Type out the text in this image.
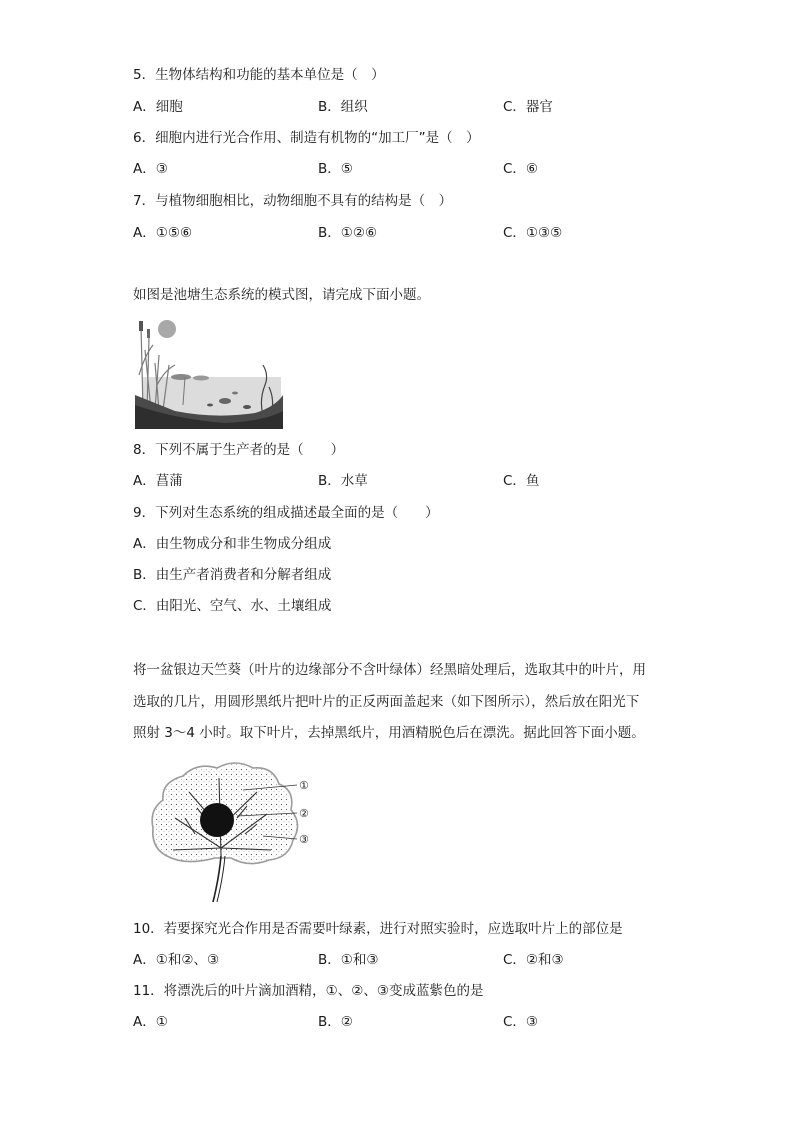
5．生物体结构和功能的基本单位是（　）
A．细胞	B．组织	C．器官
6．细胞内进行光合作用、制造有机物的“加工厂”是（　）
A．③	B．⑤	C．⑥
7．与植物细胞相比，动物细胞不具有的结构是（　）
A．①⑤⑥	B．①②⑥	C．①③⑤
如图是池塘生态系统的模式图，请完成下面小题。
8．下列不属于生产者的是（　　）
A．菖蒲	B．水草	C．鱼
9．下列对生态系统的组成描述最全面的是（　　）
A．由生物成分和非生物成分组成
B．由生产者消费者和分解者组成
C．由阳光、空气、水、土壤组成
将一盆银边天竺葵（叶片的边缘部分不含叶绿体）经黑暗处理后，选取其中的叶片，用
选取的几片，用圆形黑纸片把叶片的正反两面盖起来（如下图所示），然后放在阳光下
照射 3～4 小时。取下叶片，去掉黑纸片，用酒精脱色后在漂洗。据此回答下面小题。
①
②
③
10．若要探究光合作用是否需要叶绿素，进行对照实验时，应选取叶片上的部位是
A．①和②、③	B．①和③	C．②和③
11．将漂洗后的叶片滴加酒精，①、②、③变成蓝紫色的是
A．①	B．②	C．③
